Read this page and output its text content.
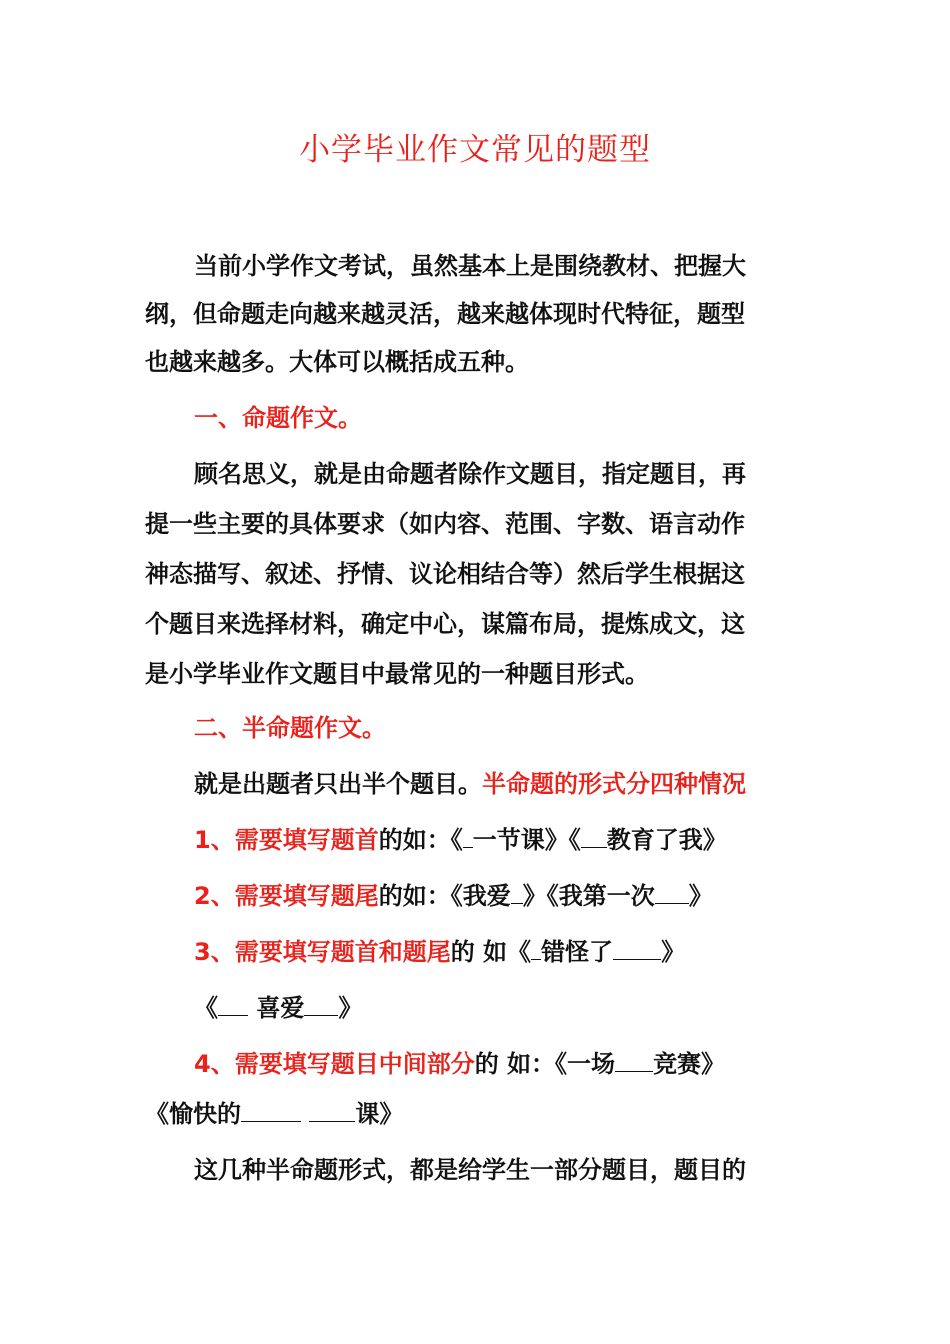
小学毕业作文常见的题型

当前小学作文考试，虽然基本上是围绕教材、把握大

纲，但命题走向越来越灵活，越来越体现时代特征，题型

也越来越多。大体可以概括成五种。

一、命题作文。

顾名思义，就是由命题者除作文题目，指定题目，再

提一些主要的具体要求（如内容、范围、字数、语言动作

神态描写、叙述、抒情、议论相结合等）然后学生根据这

个题目来选择材料，确定中心，谋篇布局，提炼成文，这

是小学毕业作文题目中最常见的一种题目形式。

二、半命题作文。

就是出题者只出半个题目。半命题的形式分四种情况

1、需要填写题首的如：《 一节课》《 教育了我》

2、需要填写题尾的如：《我爱 》《我第一次 》

3、需要填写题首和题尾的 如《 错怪了 》

《 喜爱 》

4、需要填写题目中间部分的 如：《一场 竞赛》

《愉快的	课》

这几种半命题形式，都是给学生一部分题目，题目的
